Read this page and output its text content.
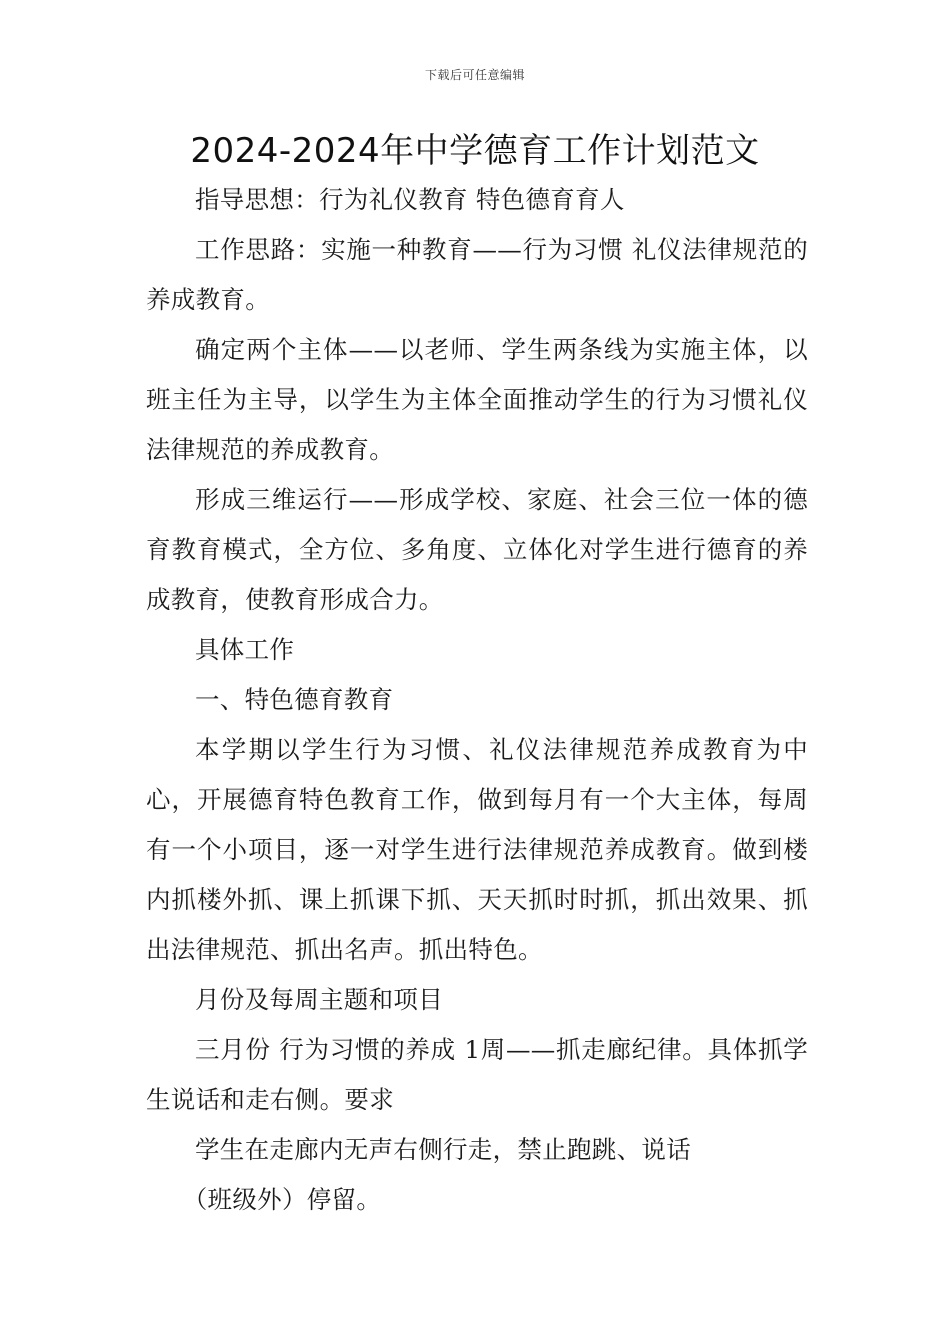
下载后可任意编辑
2024-2024年中学德育工作计划范文

指导思想：行为礼仪教育 特色德育育人

工作思路：实施一种教育——行为习惯 礼仪法律规范的养成教育。

确定两个主体——以老师、学生两条线为实施主体，以班主任为主导，以学生为主体全面推动学生的行为习惯礼仪法律规范的养成教育。

形成三维运行——形成学校、家庭、社会三位一体的德育教育模式，全方位、多角度、立体化对学生进行德育的养成教育，使教育形成合力。

具体工作

一、特色德育教育

本学期以学生行为习惯、礼仪法律规范养成教育为中心，开展德育特色教育工作，做到每月有一个大主体，每周有一个小项目，逐一对学生进行法律规范养成教育。做到楼内抓楼外抓、课上抓课下抓、天天抓时时抓，抓出效果、抓出法律规范、抓出名声。抓出特色。

月份及每周主题和项目

三月份 行为习惯的养成 1周——抓走廊纪律。具体抓学生说话和走右侧。要求

学生在走廊内无声右侧行走，禁止跑跳、说话

（班级外）停留。
